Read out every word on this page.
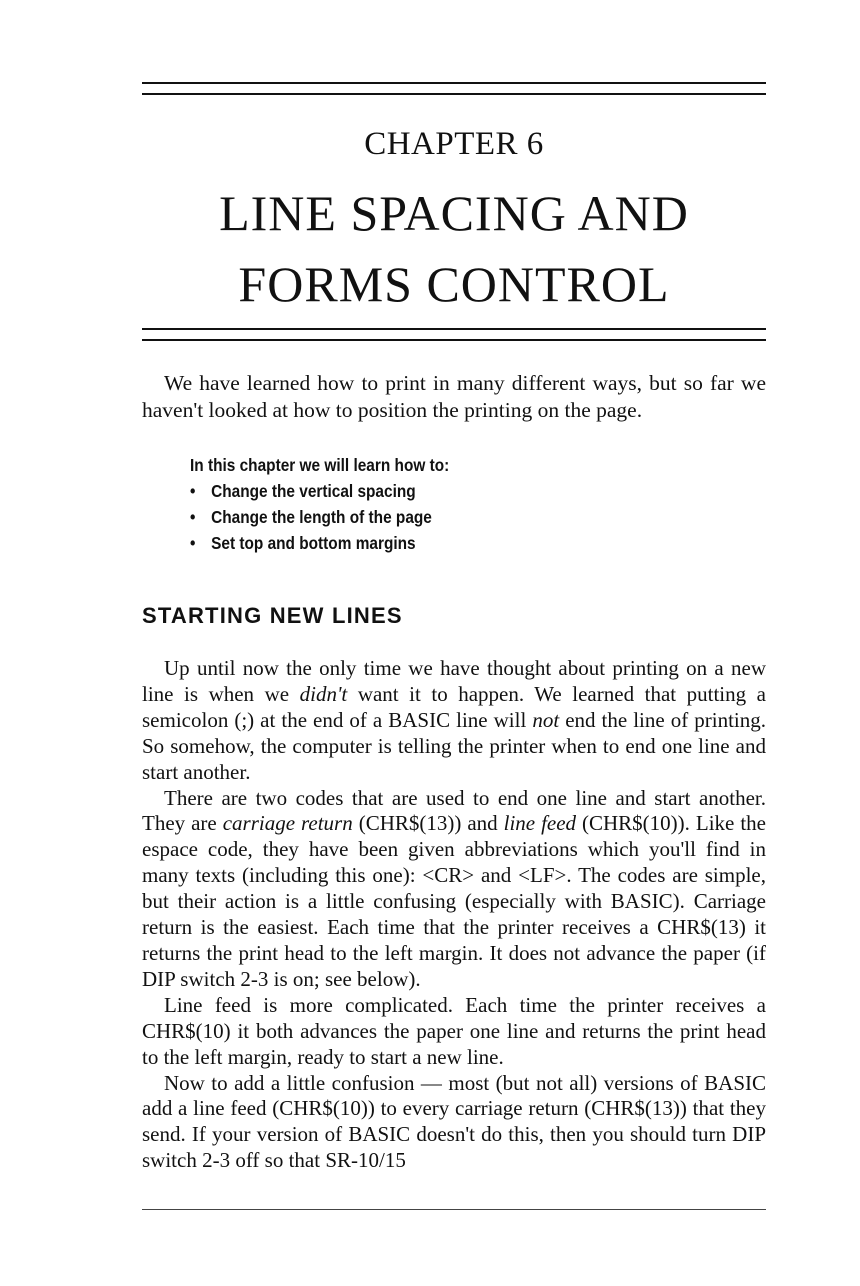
CHAPTER 6
LINE SPACING AND
FORMS CONTROL

We have learned how to print in many different ways, but so far we haven't looked at how to position the printing on the page.

In this chapter we will learn how to:
• Change the vertical spacing
• Change the length of the page
• Set top and bottom margins
STARTING NEW LINES

Up until now the only time we have thought about printing on a new line is when we didn't want it to happen. We learned that putting a semicolon (;) at the end of a BASIC line will not end the line of printing. So somehow, the computer is telling the printer when to end one line and start another.

There are two codes that are used to end one line and start another. They are carriage return (CHR$(13)) and line feed (CHR$(10)). Like the espace code, they have been given abbreviations which you'll find in many texts (including this one): <CR> and <LF>. The codes are simple, but their action is a little confusing (especially with BASIC). Carriage return is the easiest. Each time that the printer receives a CHR$(13) it returns the print head to the left margin. It does not advance the paper (if DIP switch 2-3 is on; see below).

Line feed is more complicated. Each time the printer receives a CHR$(10) it both advances the paper one line and returns the print head to the left margin, ready to start a new line.

Now to add a little confusion — most (but not all) versions of BASIC add a line feed (CHR$(10)) to every carriage return (CHR$(13)) that they send. If your version of BASIC doesn't do this, then you should turn DIP switch 2-3 off so that SR-10/15
